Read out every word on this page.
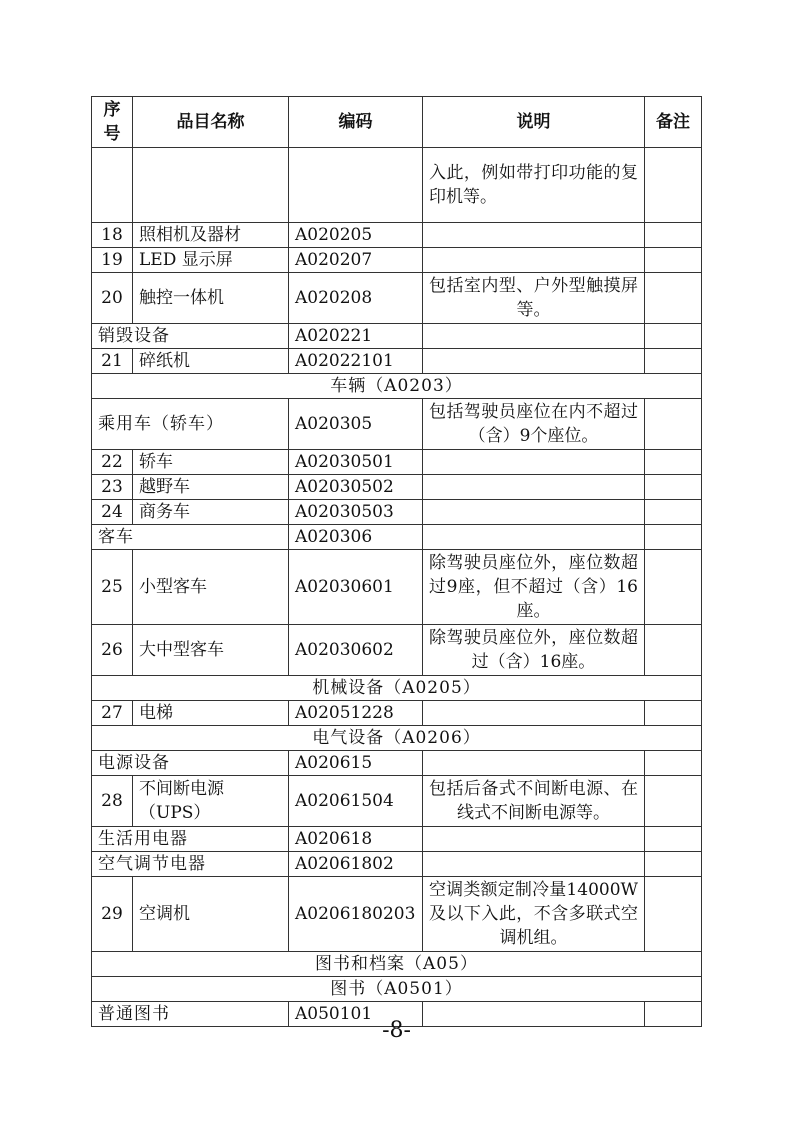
序号	品目名称	编码	说明	备注
			入此，例如带打印功能的复印机等。	
18	照相机及器材	A020205		
19	LED 显示屏	A020207		
20	触控一体机	A020208	包括室内型、户外型触摸屏等。	
销毁设备		A020221		
21	碎纸机	A02022101		
车辆（A0203）				
乘用车（轿车）		A020305	包括驾驶员座位在内不超过（含）9个座位。	
22	轿车	A02030501		
23	越野车	A02030502		
24	商务车	A02030503		
客车		A020306		
25	小型客车	A02030601	除驾驶员座位外，座位数超过9座，但不超过（含）16座。	
26	大中型客车	A02030602	除驾驶员座位外，座位数超过（含）16座。	
机械设备（A0205）				
27	电梯	A02051228		
电气设备（A0206）				
电源设备		A020615		
28	不间断电源（UPS）	A02061504	包括后备式不间断电源、在线式不间断电源等。	
生活用电器		A020618		
空气调节电器		A02061802		
29	空调机	A0206180203	空调类额定制冷量14000W及以下入此，不含多联式空调机组。	
图书和档案（A05）				
图书（A0501）				
普通图书		A050101		
-8-
